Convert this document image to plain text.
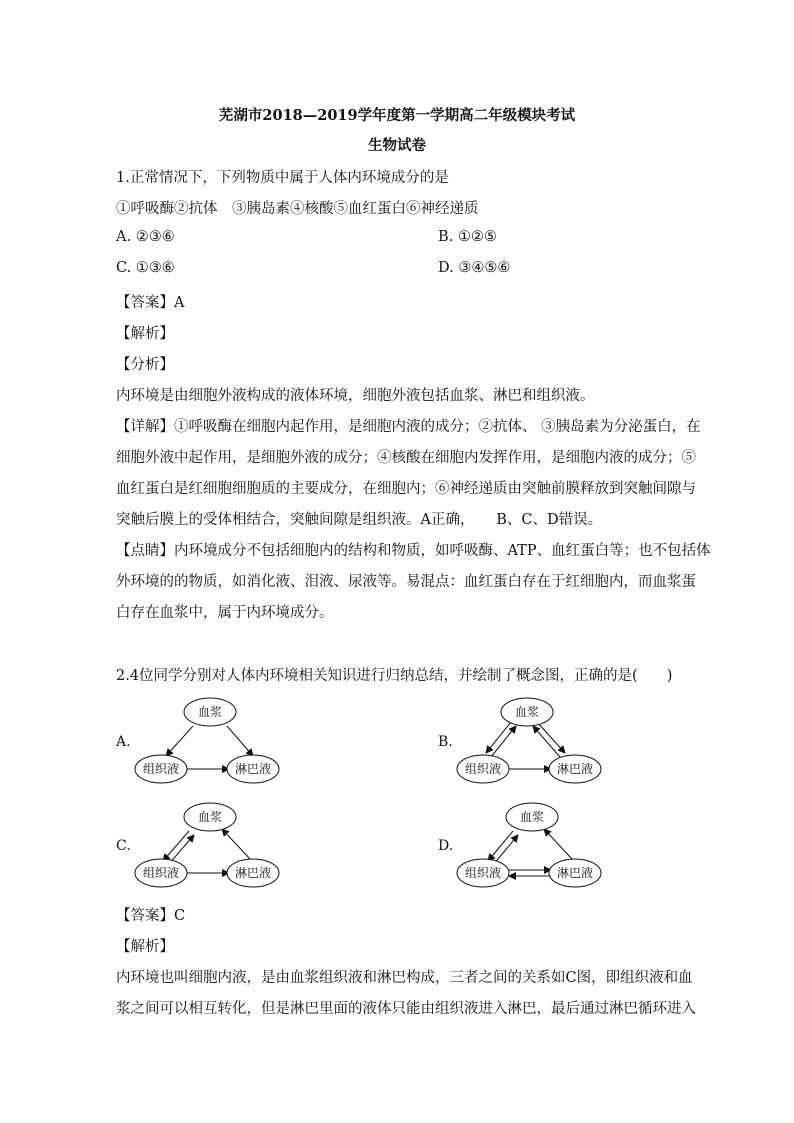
芜湖市2018—2019学年度第一学期高二年级模块考试
生物试卷
1.正常情况下，下列物质中属于人体内环境成分的是
①呼吸酶②抗体　③胰岛素④核酸⑤血红蛋白⑥神经递质
A. ②③⑥	B. ①②⑤
C. ①③⑥	D. ③④⑤⑥
【答案】A
【解析】
【分析】
内环境是由细胞外液构成的液体环境，细胞外液包括血浆、淋巴和组织液。
【详解】①呼吸酶在细胞内起作用，是细胞内液的成分；②抗体、 ③胰岛素为分泌蛋白，在
细胞外液中起作用，是细胞外液的成分；④核酸在细胞内发挥作用，是细胞内液的成分；⑤
血红蛋白是红细胞细胞质的主要成分，在细胞内；⑥神经递质由突触前膜释放到突触间隙与
突触后膜上的受体相结合，突触间隙是组织液。A正确，　　B、C、D错误。
【点睛】内环境成分不包括细胞内的结构和物质，如呼吸酶、ATP、血红蛋白等；也不包括体
外环境的的物质，如消化液、泪液、尿液等。易混点：血红蛋白存在于红细胞内，而血浆蛋
白存在血浆中，属于内环境成分。
2.4位同学分别对人体内环境相关知识进行归纳总结，并绘制了概念图，正确的是(　　)
A.	B.
C.	D.
血浆
组织液	淋巴液
血浆
组织液	淋巴液
血浆
组织液	淋巴液
血浆
组织液	淋巴液
【答案】C
【解析】
内环境也叫细胞内液，是由血浆组织液和淋巴构成，三者之间的关系如C图，即组织液和血
浆之间可以相互转化，但是淋巴里面的液体只能由组织液进入淋巴，最后通过淋巴循环进入
